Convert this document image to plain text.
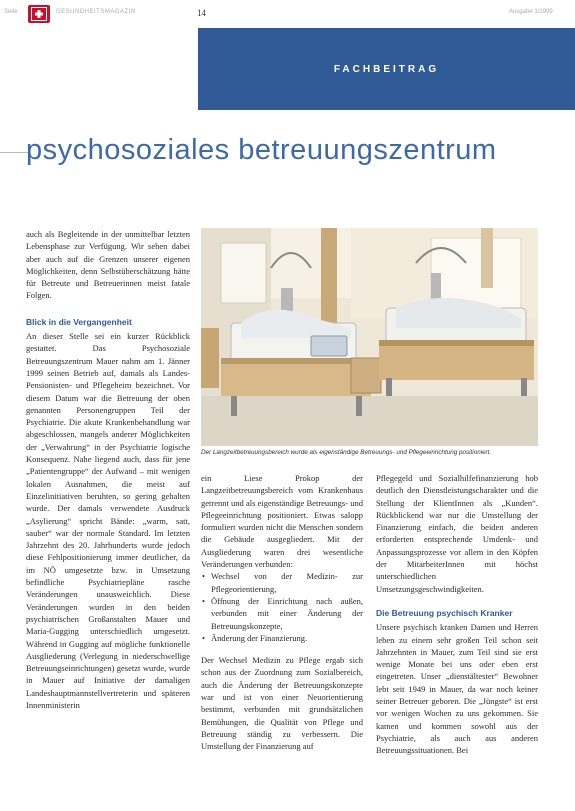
Seite	GESUNDHEITSMAGAZIN	14	Ausgabe 1/1999
FACHBEITRAG
psychosoziales betreuungszentrum

auch als Begleitende in der unmittelbar letzten Lebensphase zur Verfügung. Wir sehen dabei aber auch auf die Grenzen unserer eigenen Möglichkeiten, denn Selbstüberschätzung hätte für Betreute und Betreuerinnen meist fatale Folgen.

Blick in die Vergangenheit

An dieser Stelle sei ein kurzer Rückblick gestattet. Das Psychosoziale Betreuungszentrum Mauer nahm am 1. Jänner 1999 seinen Betrieb auf, damals als Landes-Pensionisten- und Pflegeheim bezeichnet. Vor diesem Datum war die Betreuung der oben genannten Personengruppen Teil der Psychiatrie. Die akute Krankenbehandlung war abgeschlossen, mangels anderer Möglichkeiten der „Verwahrung“ in der Psychiatrie logische Konsequenz. Nahe liegend auch, dass für jene „Patientengruppe“ der Aufwand – mit wenigen lokalen Ausnahmen, die meist auf Einzelinitiativen beruhten, so gering gehalten wurde. Der damals verwendete Ausdruck „Asylierung“ spricht Bände: „warm, satt, sauber“ war der normale Standard. Im letzten Jahrzehnt des 20. Jahrhunderts wurde jedoch diese Fehlpositionierung immer deutlicher, da im NÖ umgesetzte bzw. in Umsetzung befindliche Psychiatriepläne rasche Veränderungen unausweichlich. Diese Veränderungen wurden in den beiden psychiatrischen Großanstalten Mauer und Maria-Gugging unterschiedlich umgesetzt. Während in Gugging auf mögliche funktionelle Ausgliederung (Verlegung in niederschwellige Betreuungseinrichtungen) gesetzt wurde, wurde in Mauer auf Initiative der damaligen Landeshauptmannstellvertreterin und späteren Innenministerin

Der Langzeitbetreuungsbereich wurde als eigenständige Betreuungs- und Pflegeeinrichtung positioniert.

ein Liese Prokop der Langzeitbetreuungsbereich vom Krankenhaus getrennt und als eigenständige Betreuungs- und Pflegeeinrichtung positioniert. Etwas salopp formuliert wurden nicht die Menschen sondern die Gebäude ausgegliedert. Mit der Ausgliederung waren drei wesentliche Veränderungen verbunden:

• Wechsel von der Medizin- zur Pflegeorientierung,
• Öffnung der Einrichtung nach außen, verbunden mit einer Änderung der Betreuungskonzepte,
• Änderung der Finanzierung.

Der Wechsel Medizin zu Pflege ergab sich schon aus der Zuordnung zum Sozialbereich, auch die Änderung der Betreuungskonzepte war und ist von einer Neuorientierung bestimmt, verbunden mit grundsätzlichen Bemühungen, die Qualität von Pflege und Betreuung ständig zu verbessern. Die Umstellung der Finanzierung auf

Pflegegeld und Sozialhilfefinanzierung hob deutlich den Dienstleistungscharakter und die Stellung der KlientInnen als „Kunden“. Rückblickend war nur die Umstellung der Finanzierung einfach, die beiden anderen erforderten entsprechende Umdenk- und Anpassungsprozesse vor allem in den Köpfen der MitarbeiterInnen mit höchst unterschiedlichen Umsetzungsgeschwindigkeiten.

Die Betreuung psychisch Kranker

Unsere psychisch kranken Damen und Herren leben zu einem sehr großen Teil schon seit Jahrzehnten in Mauer, zum Teil sind sie erst wenige Monate bei uns oder eben erst eingetreten. Unser „dienstältester“ Bewohner lebt seit 1949 in Mauer, da war noch keiner seiner Betreuer geboren. Die „Jüngste“ ist erst vor wenigen Wochen zu uns gekommen. Sie kamen und kommen sowohl aus der Psychiatrie, als auch aus anderen Betreuungssituationen. Bei
